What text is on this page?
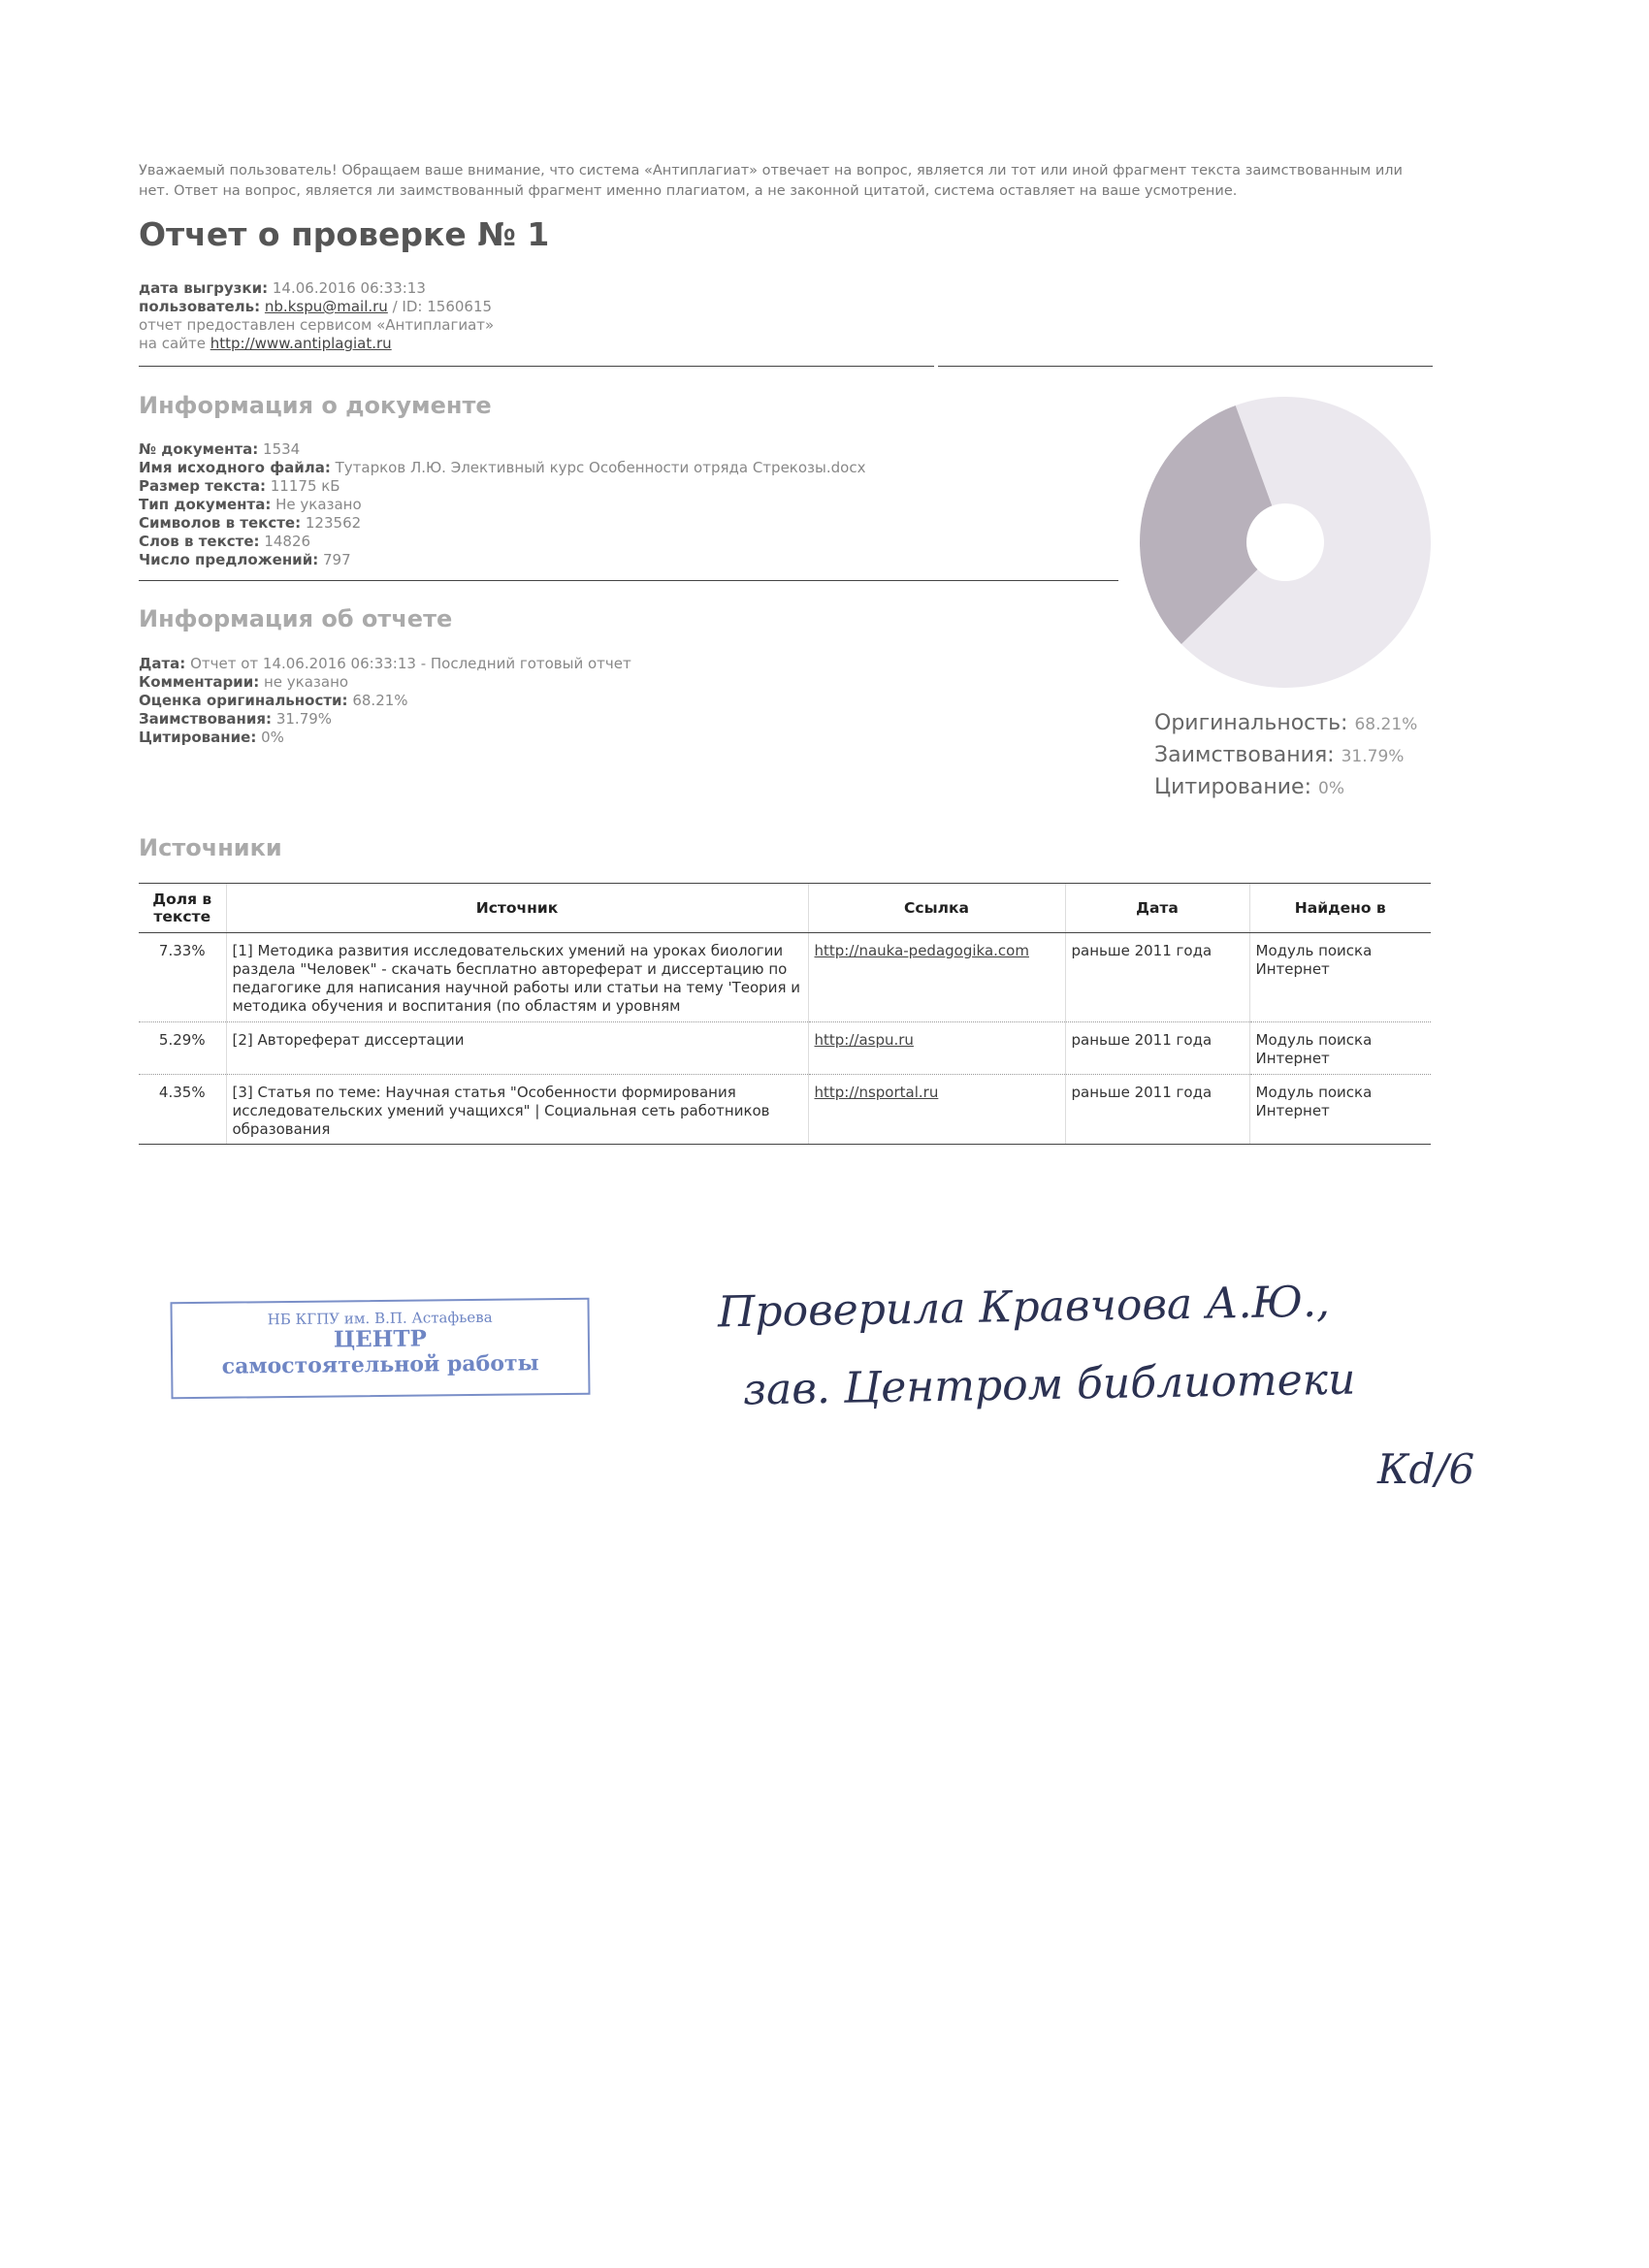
Уважаемый пользователь! Обращаем ваше внимание, что система «Антиплагиат» отвечает на вопрос, является ли тот или иной фрагмент текста заимствованным или нет. Ответ на вопрос, является ли заимствованный фрагмент именно плагиатом, а не законной цитатой, система оставляет на ваше усмотрение.
Отчет о проверке № 1
дата выгрузки: 14.06.2016 06:33:13
пользователь: nb.kspu@mail.ru / ID: 1560615
отчет предоставлен сервисом «Антиплагиат»
на сайте http://www.antiplagiat.ru
Информация о документе
№ документа: 1534
Имя исходного файла: Тутарков Л.Ю. Элективный курс Особенности отряда Стрекозы.docx
Размер текста: 11175 кБ
Тип документа: Не указано
Символов в тексте: 123562
Слов в тексте: 14826
Число предложений: 797
Информация об отчете
Дата: Отчет от 14.06.2016 06:33:13 - Последний готовый отчет
Комментарии: не указано
Оценка оригинальности: 68.21%
Заимствования: 31.79%
Цитирование: 0%
Оригинальность: 68.21%
Заимствования: 31.79%
Цитирование: 0%
Источники
Доля в тексте	Источник	Ссылка	Дата	Найдено в
7.33%	[1] Методика развития исследовательских умений на уроках биологии раздела "Человек" - скачать бесплатно автореферат и диссертацию по педагогике для написания научной работы или статьи на тему 'Теория и методика обучения и воспитания (по областям и уровням	http://nauka-pedagogika.com	раньше 2011 года	Модуль поиска Интернет
5.29%	[2] Автореферат диссертации	http://aspu.ru	раньше 2011 года	Модуль поиска Интернет
4.35%	[3] Статья по теме: Научная статья "Особенности формирования исследовательских умений учащихся" | Социальная сеть работников образования	http://nsportal.ru	раньше 2011 года	Модуль поиска Интернет
НБ КГПУ им. В.П. Астафьева
ЦЕНТР
самостоятельной работы
Проверила Кравчова А.Ю.,
зав. Центром библиотеки
Кd/6
